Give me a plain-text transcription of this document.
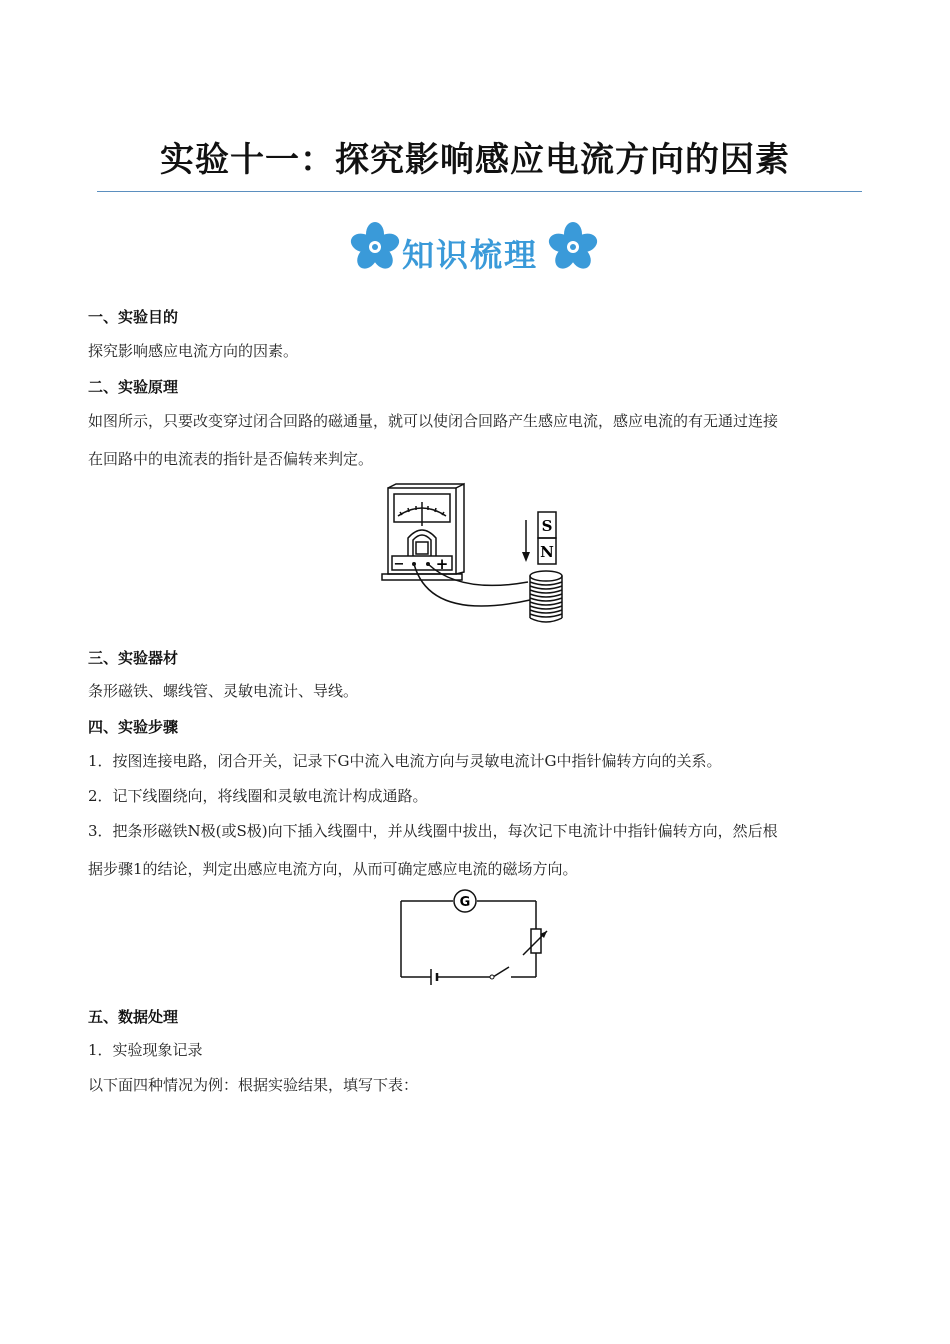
实验十一：探究影响感应电流方向的因素
知识梳理
一、实验目的
探究影响感应电流方向的因素。
二、实验原理
如图所示，只要改变穿过闭合回路的磁通量，就可以使闭合回路产生感应电流，感应电流的有无通过连接
在回路中的电流表的指针是否偏转来判定。
S
N
− +
三、实验器材
条形磁铁、螺线管、灵敏电流计、导线。
四、实验步骤
1．按图连接电路，闭合开关，记录下G中流入电流方向与灵敏电流计G中指针偏转方向的关系。
2．记下线圈绕向，将线圈和灵敏电流计构成通路。
3．把条形磁铁N极(或S极)向下插入线圈中，并从线圈中拔出，每次记下电流计中指针偏转方向，然后根
据步骤1的结论，判定出感应电流方向，从而可确定感应电流的磁场方向。
G
五、数据处理
1．实验现象记录
以下面四种情况为例：根据实验结果，填写下表：
